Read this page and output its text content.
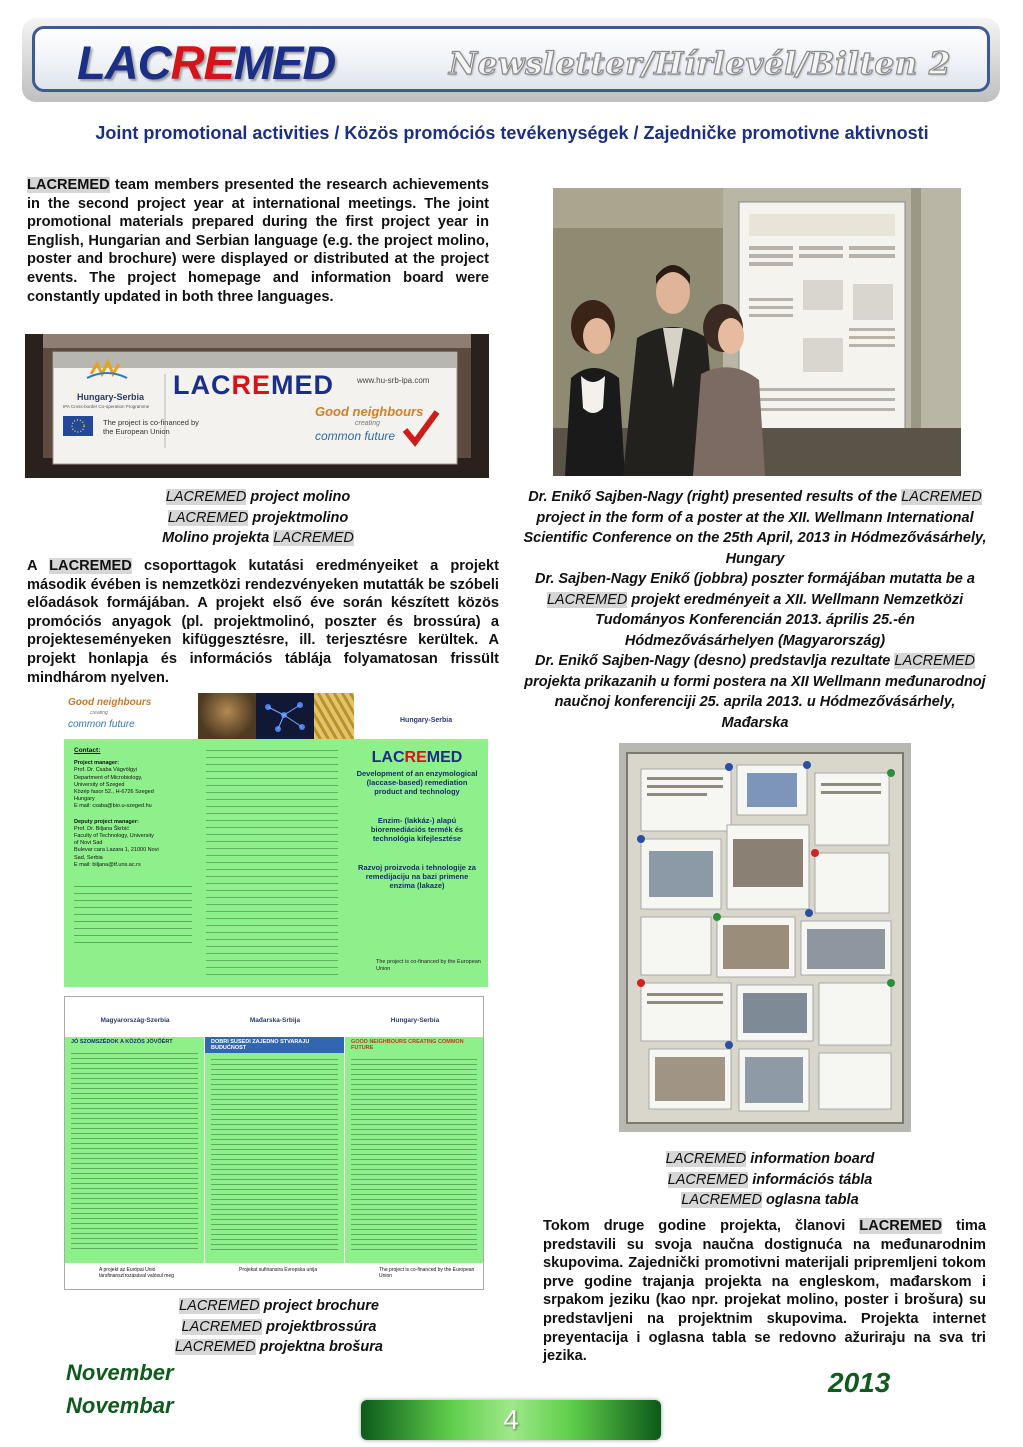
LACREMED	Newsletter/Hírlevél/Bilten 2
Joint promotional activities / Közös promóciós tevékenységek / Zajedničke promotivne aktivnosti
LACREMED team members presented the research achievements in the second project year at international meetings. The joint promotional materials prepared during the first project year in English, Hungarian and Serbian language (e.g. the project molino, poster and brochure) were displayed or distributed at the project events. The project homepage and information board were constantly updated in both three languages.
Hungary-Serbia
IPA Cross-border Co-operation Programme
LACREMED	www.hu-srb-ipa.com
The project is co-financed by the European Union
Good neighbours
creating
common future
LACREMED project molino
LACREMED projektmolino
Molino projekta LACREMED
A LACREMED csoporttagok kutatási eredményeiket a projekt második évében is nemzetközi rendezvényeken mutatták be szóbeli előadások formájában. A projekt első éve során készített közös promóciós anyagok (pl. projektmolinó, poszter és brossúra) a projekteseményeken kifüggesztésre, ill. terjesztésre kerültek. A projekt honlapja és információs táblája folyamatosan frissült mindhárom nyelven.
Dr. Enikő Sajben-Nagy (right) presented results of the LACREMED project in the form of a poster at the XII. Wellmann International Scientific Conference on the 25th April, 2013 in Hódmezővásárhely, Hungary
Dr. Sajben-Nagy Enikő (jobbra) poszter formájában mutatta be a LACREMED projekt eredményeit a XII. Wellmann Nemzetközi Tudományos Konferencián 2013. április 25.-én Hódmezővásárhelyen (Magyarország)
Dr. Enikő Sajben-Nagy (desno) predstavlja rezultate LACREMED projekta prikazanih u formi postera na XII Wellmann međunarodnoj naučnoj konferenciji 25. aprila 2013. u Hódmezővásárhely, Mađarska
Good neighbours
creating
common future	Hungary-Serbia
Contact:
Project manager:
Prof. Dr. Csaba Vágvölgyi
Department of Microbiology,
University of Szeged
Közép fasor 52., H-6726 Szeged
Hungary
E mail: csaba@bio.u-szeged.hu
Deputy project manager:
Prof. Dr. Biljana Škrbić
Faculty of Technology, University
of Novi Sad
Bulevar cara Lazara 1, 21000 Novi
Sad, Serbia
E mail: biljana@tf.uns.ac.rs
LACREMED
Development of an enzymological (laccase-based) remediation product and technology
Enzim- (lakkáz-) alapú bioremediációs termék és technológia kifejlesztése
Razvoj proizvoda i tehnologije za remedijaciju na bazi primene enzima (lakaze)
The project is co-financed by the European Union
Magyarország-Szerbia	Mađarska-Srbija	Hungary-Serbia
JÓ SZOMSZÉDOK A KÖZÖS JÖVŐÉRT	DOBRI SUSEDI ZAJEDNO STVARAJU BUDUĆNOST
GOOD NEIGHBOURS CREATING COMMON FUTURE
A projekt az Európai Unió társfinanszírozásával valósul meg
Projekat sufinansira Evropska unija	The project is co-financed by the European Union
LACREMED project brochure
LACREMED projektbrossúra
LACREMED projektna brošura
LACREMED information board
LACREMED információs tábla
LACREMED oglasna tabla
Tokom druge godine projekta, članovi LACREMED tima predstavili su svoja naučna dostignuća na međunarodnim skupovima. Zajednički promotivni materijali pripremljeni tokom prve godine trajanja projekta na engleskom, mađarskom i srpakom jeziku (kao npr. projekat molino, poster i brošura) su predstavljeni na projektnim skupovima. Projekta internet preyentacija i oglasna tabla se redovno ažuriraju na sva tri jezika.
November
Novembar
2013
4
